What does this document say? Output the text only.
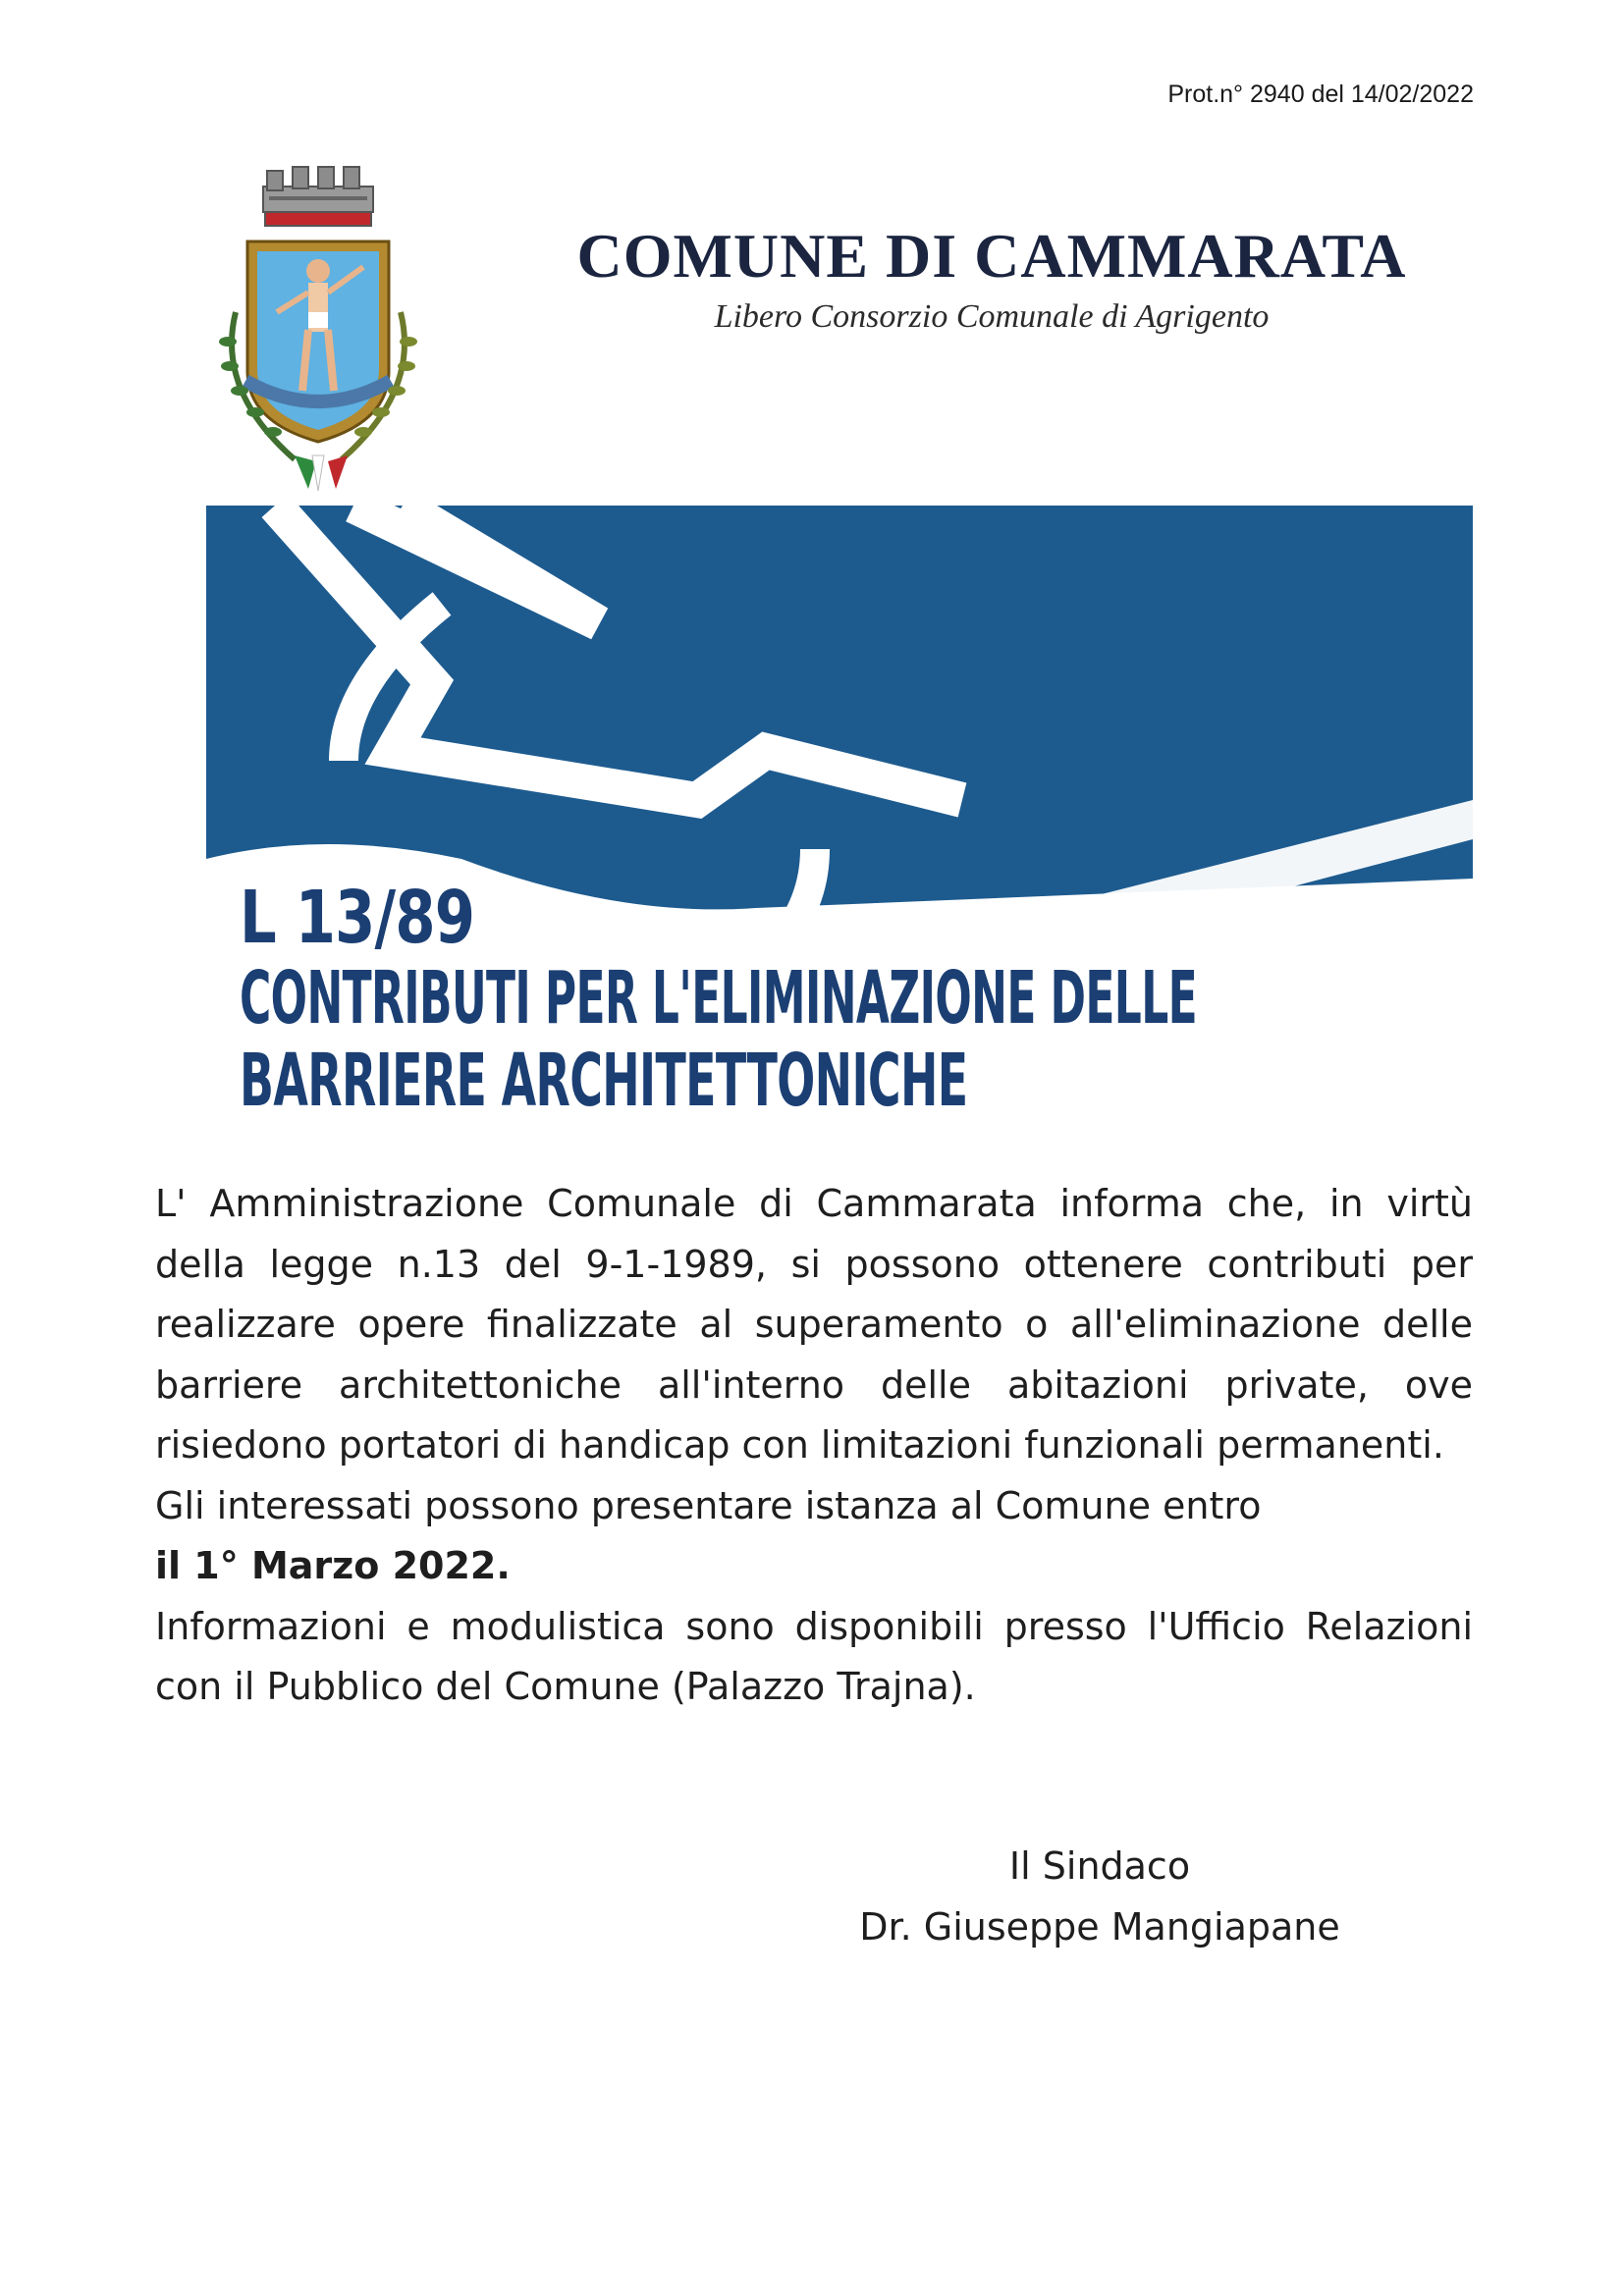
Prot.n° 2940 del 14/02/2022
COMUNE DI CAMMARATA
Libero Consorzio Comunale di Agrigento
L 13/89
CONTRIBUTI PER L'ELIMINAZIONE DELLE
BARRIERE ARCHITETTONICHE

L' Amministrazione Comunale di Cammarata informa che, in virtù della legge n.13 del 9-1-1989, si possono ottenere contributi per realizzare opere finalizzate al superamento o all'eliminazione delle barriere architettoniche all'interno delle abitazioni private, ove risiedono portatori di handicap con limitazioni funzionali permanenti.

Gli interessati possono presentare istanza al Comune entro

il 1° Marzo 2022.

Informazioni e modulistica sono disponibili presso l'Ufficio Relazioni con il Pubblico del Comune (Palazzo Trajna).

Il Sindaco
Dr. Giuseppe Mangiapane
